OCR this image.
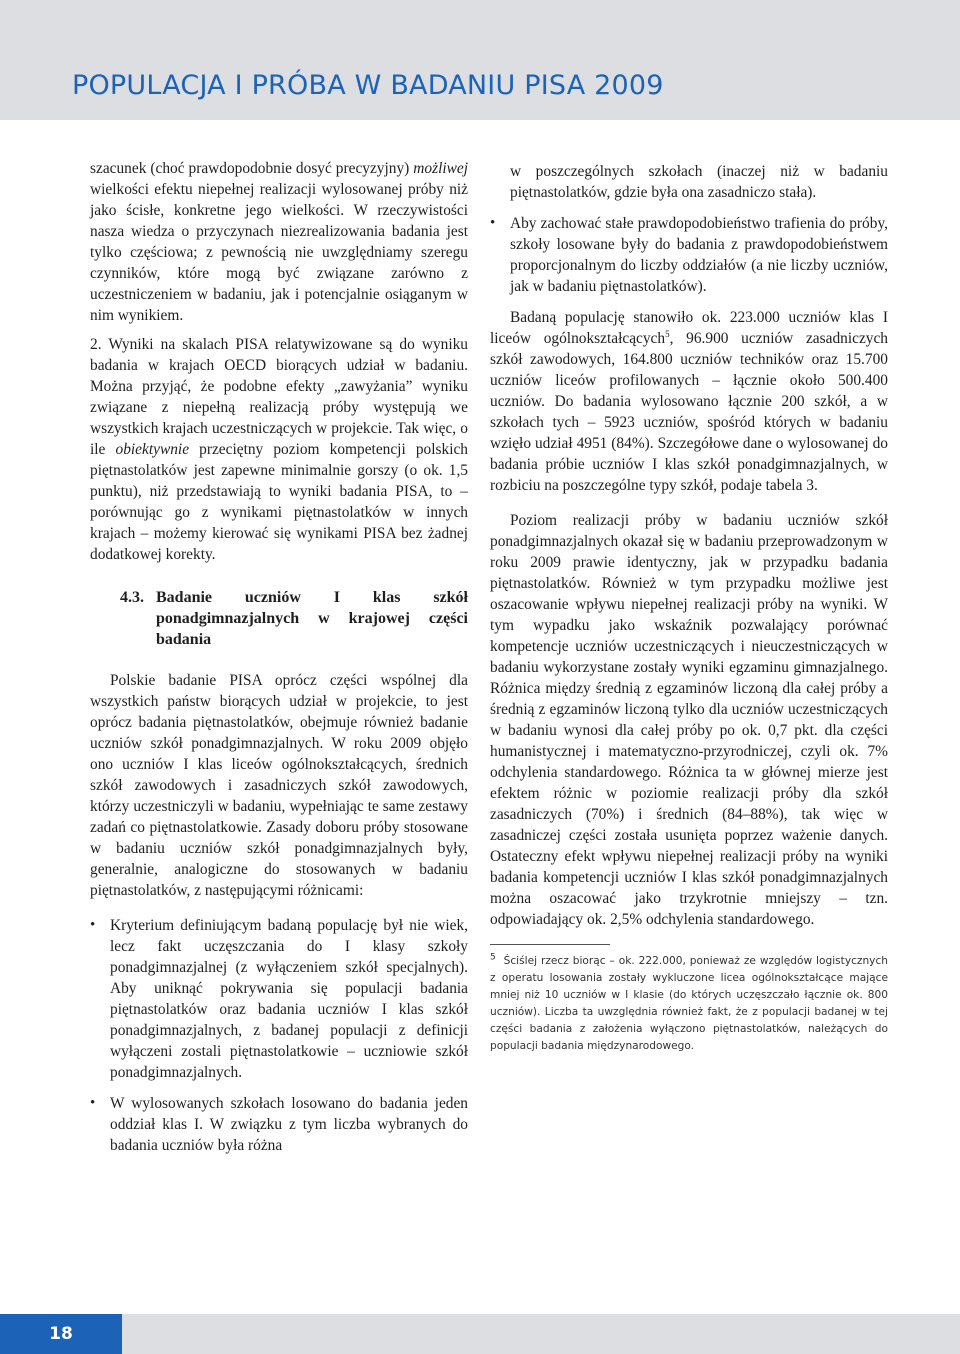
POPULACJA I PRÓBA W BADANIU PISA 2009

szacunek (choć prawdopodobnie dosyć precyzyjny) możliwej wielkości efektu niepełnej realizacji wylosowanej próby niż jako ścisłe, konkretne jego wielkości. W rzeczywistości nasza wiedza o przyczynach niezrealizowania badania jest tylko częściowa; z pewnością nie uwzględniamy szeregu czynników, które mogą być związane zarówno z uczestniczeniem w badaniu, jak i potencjalnie osiąganym w nim wynikiem.

2. Wyniki na skalach PISA relatywizowane są do wyniku badania w krajach OECD biorących udział w badaniu. Można przyjąć, że podobne efekty „zawyżania” wyniku związane z niepełną realizacją próby występują we wszystkich krajach uczestniczących w projekcie. Tak więc, o ile obiektywnie przeciętny poziom kompetencji polskich piętnastolatków jest zapewne minimalnie gorszy (o ok. 1,5 punktu), niż przedstawiają to wyniki badania PISA, to – porównując go z wynikami piętnastolatków w innych krajach – możemy kierować się wynikami PISA bez żadnej dodatkowej korekty.

4.3. Badanie uczniów I klas szkół ponadgimnazjalnych w krajowej części badania

Polskie badanie PISA oprócz części wspólnej dla wszystkich państw biorących udział w projekcie, to jest oprócz badania piętnastolatków, obejmuje również badanie uczniów szkół ponadgimnazjalnych. W roku 2009 objęło ono uczniów I klas liceów ogólnokształcących, średnich szkół zawodowych i zasadniczych szkół zawodowych, którzy uczestniczyli w badaniu, wypełniając te same zestawy zadań co piętnastolatkowie. Zasady doboru próby stosowane w badaniu uczniów szkół ponadgimnazjalnych były, generalnie, analogiczne do stosowanych w badaniu piętnastolatków, z następującymi różnicami:

• Kryterium definiującym badaną populację był nie wiek, lecz fakt uczęszczania do I klasy szkoły ponadgimnazjalnej (z wyłączeniem szkół specjalnych). Aby uniknąć pokrywania się populacji badania piętnastolatków oraz badania uczniów I klas szkół ponadgimnazjalnych, z badanej populacji z definicji wyłączeni zostali piętnastolatkowie – uczniowie szkół ponadgimnazjalnych.
• W wylosowanych szkołach losowano do badania jeden oddział klas I. W związku z tym liczba wybranych do badania uczniów była różna

w poszczególnych szkołach (inaczej niż w badaniu piętnastolatków, gdzie była ona zasadniczo stała).

• Aby zachować stałe prawdopodobieństwo trafienia do próby, szkoły losowane były do badania z prawdopodobieństwem proporcjonalnym do liczby oddziałów (a nie liczby uczniów, jak w badaniu piętnastolatków).

Badaną populację stanowiło ok. 223.000 uczniów klas I liceów ogólnokształcących$^5$, 96.900 uczniów zasadniczych szkół zawodowych, 164.800 uczniów techników oraz 15.700 uczniów liceów profilowanych – łącznie około 500.400 uczniów. Do badania wylosowano łącznie 200 szkół, a w szkołach tych – 5923 uczniów, spośród których w badaniu wzięło udział 4951 (84%). Szczegółowe dane o wylosowanej do badania próbie uczniów I klas szkół ponadgimnazjalnych, w rozbiciu na poszczególne typy szkół, podaje tabela 3.

Poziom realizacji próby w badaniu uczniów szkół ponadgimnazjalnych okazał się w badaniu przeprowadzonym w roku 2009 prawie identyczny, jak w przypadku badania piętnastolatków. Również w tym przypadku możliwe jest oszacowanie wpływu niepełnej realizacji próby na wyniki. W tym wypadku jako wskaźnik pozwalający porównać kompetencje uczniów uczestniczących i nieuczestniczących w badaniu wykorzystane zostały wyniki egzaminu gimnazjalnego. Różnica między średnią z egzaminów liczoną dla całej próby a średnią z egzaminów liczoną tylko dla uczniów uczestniczących w badaniu wynosi dla całej próby po ok. 0,7 pkt. dla części humanistycznej i matematyczno-przyrodniczej, czyli ok. 7% odchylenia standardowego. Różnica ta w głównej mierze jest efektem różnic w poziomie realizacji próby dla szkół zasadniczych (70%) i średnich (84–88%), tak więc w zasadniczej części została usunięta poprzez ważenie danych. Ostateczny efekt wpływu niepełnej realizacji próby na wyniki badania kompetencji uczniów I klas szkół ponadgimnazjalnych można oszacować jako trzykrotnie mniejszy – tzn. odpowiadający ok. 2,5% odchylenia standardowego.

$^5$ Ściślej rzecz biorąc – ok. 222.000, ponieważ ze względów logistycznych z operatu losowania zostały wykluczone licea ogólnokształcące mające mniej niż 10 uczniów w I klasie (do których uczęszczało łącznie ok. 800 uczniów). Liczba ta uwzględnia również fakt, że z populacji badanej w tej części badania z założenia wyłączono piętnastolatków, należących do populacji badania międzynarodowego.

18
